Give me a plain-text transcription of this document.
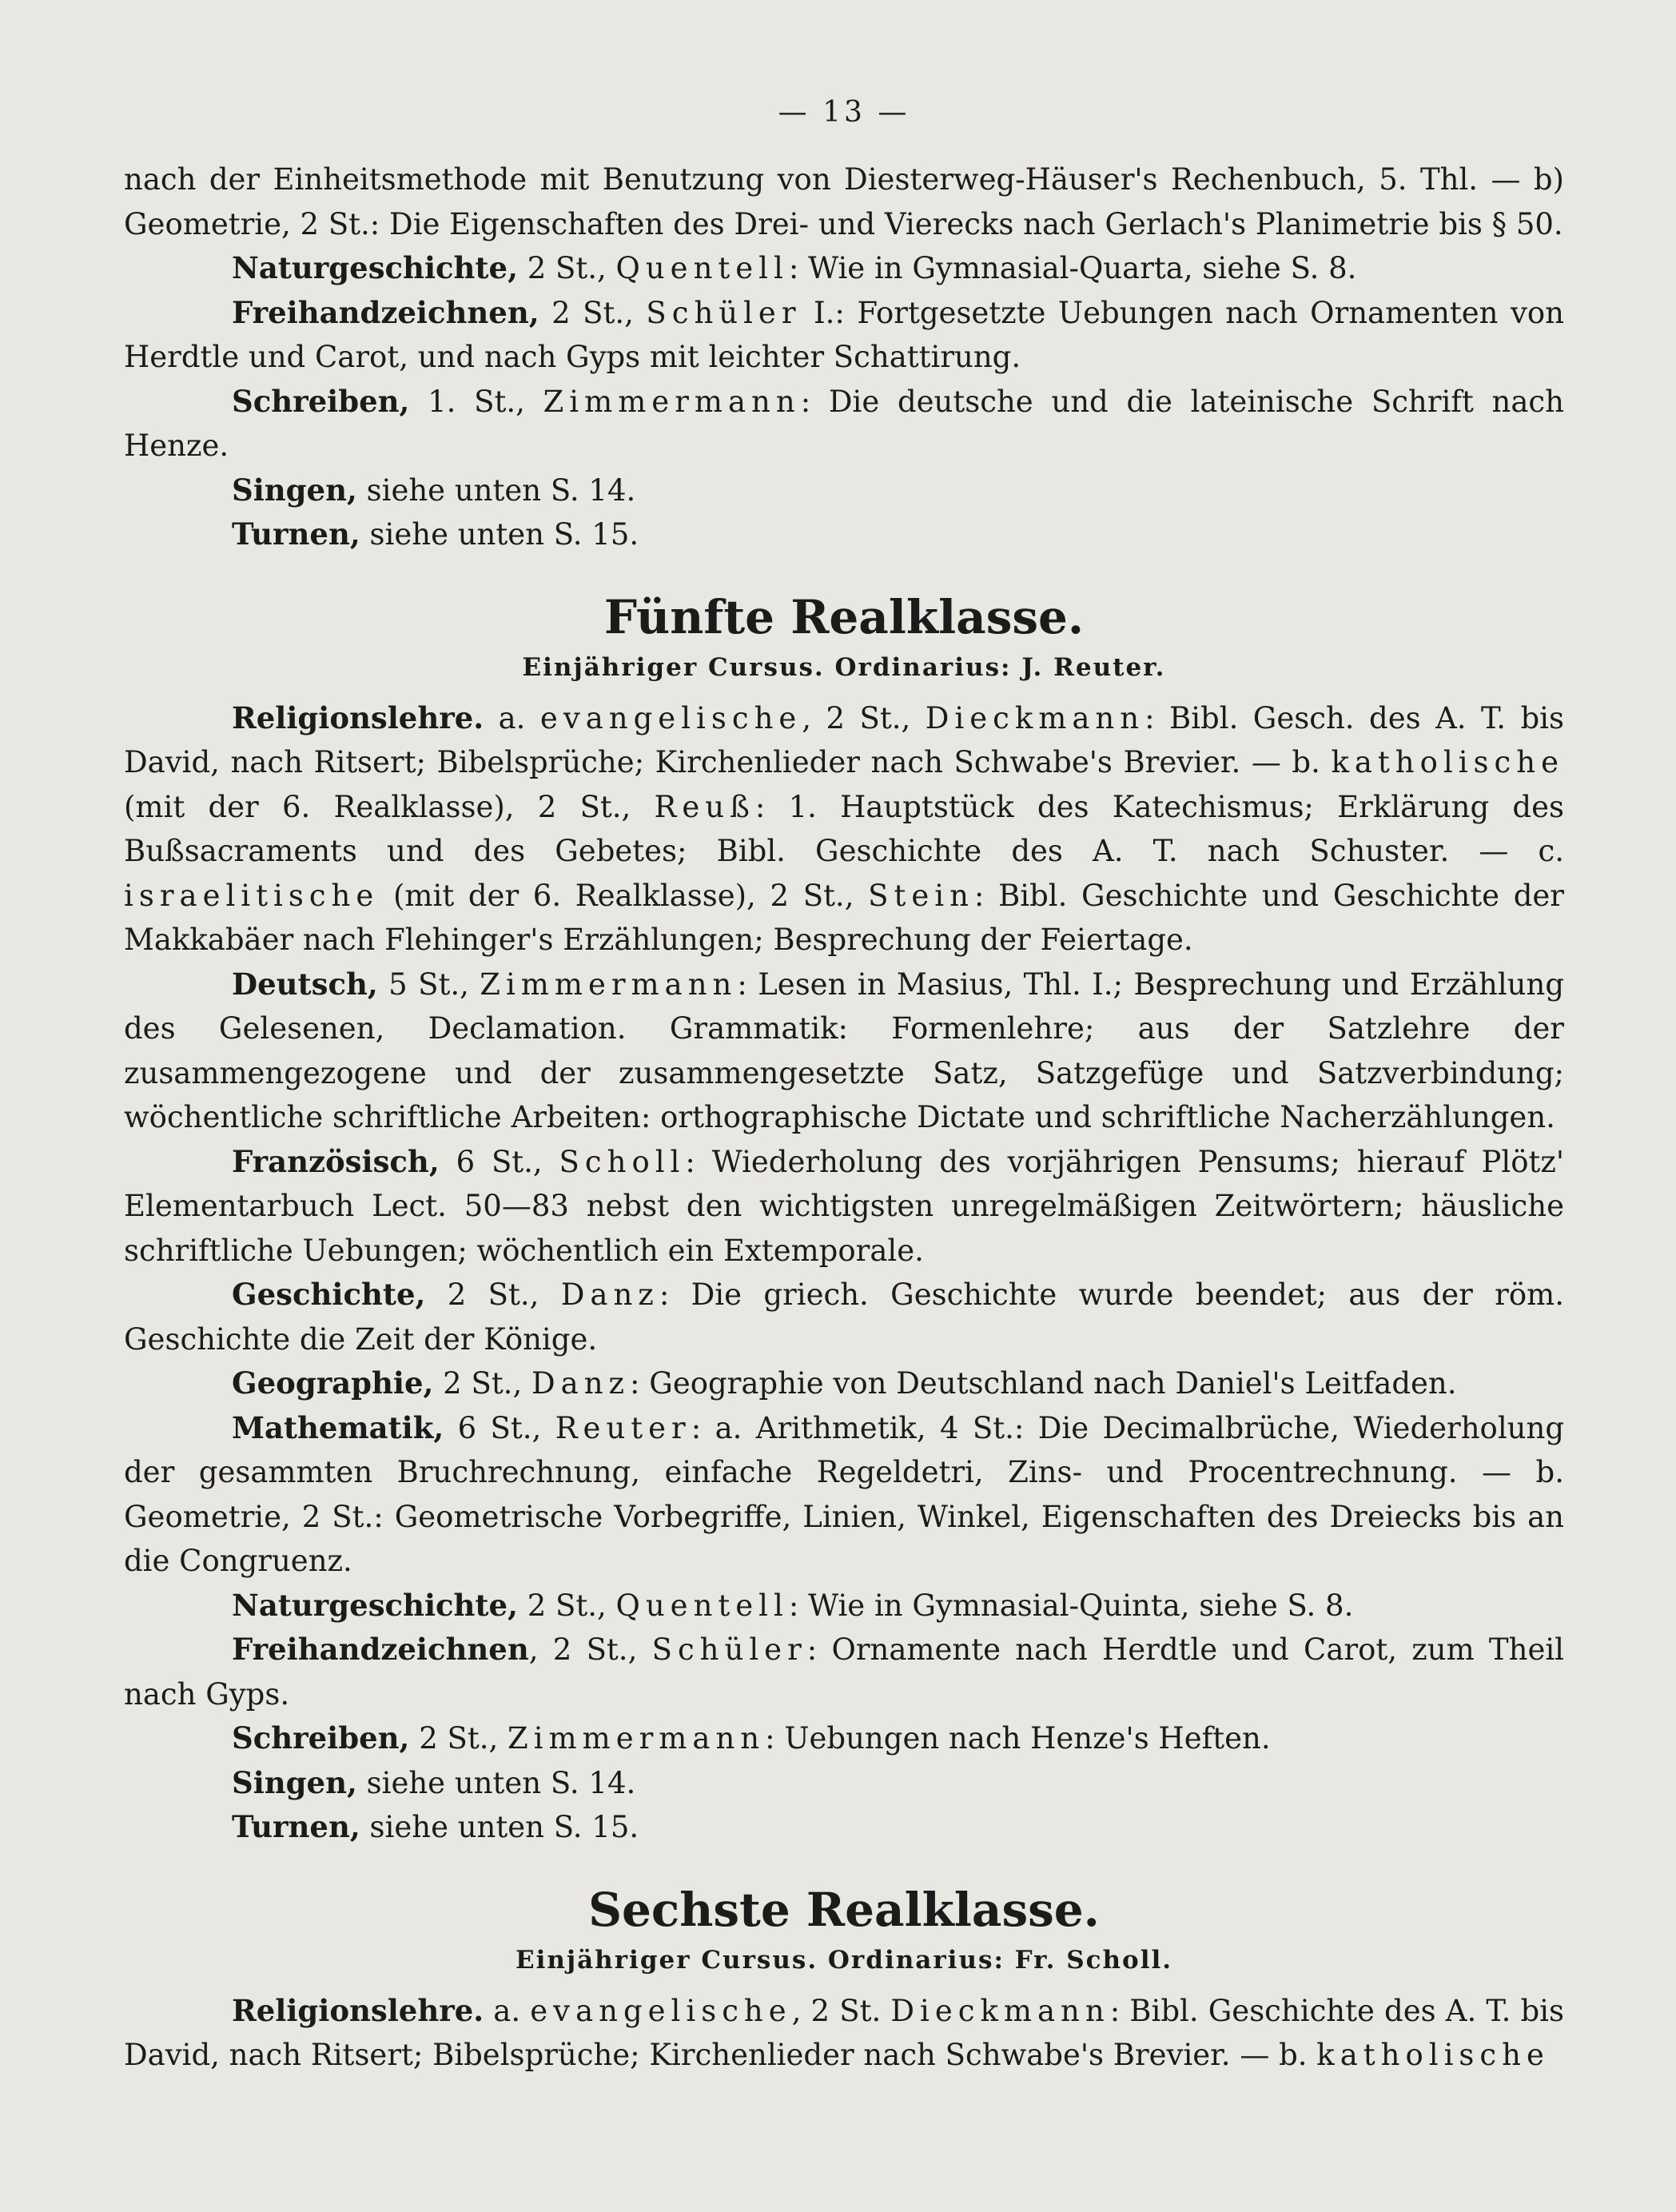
— 13 —

nach der Einheitsmethode mit Benutzung von Diesterweg-Häuser's Rechenbuch, 5. Thl. — b) Geometrie, 2 St.: Die Eigenschaften des Drei- und Vierecks nach Gerlach's Planimetrie bis § 50.

Naturgeschichte, 2 St., Quentell: Wie in Gymnasial-Quarta, siehe S. 8.

Freihandzeichnen, 2 St., Schüler I.: Fortgesetzte Uebungen nach Ornamenten von Herdtle und Carot, und nach Gyps mit leichter Schattirung.

Schreiben, 1. St., Zimmermann: Die deutsche und die lateinische Schrift nach Henze.

Singen, siehe unten S. 14.

Turnen, siehe unten S. 15.

Fünfte Realklasse.
Einjähriger Cursus. Ordinarius: J. Reuter.

Religionslehre. a. evangelische, 2 St., Dieckmann: Bibl. Gesch. des A. T. bis David, nach Ritsert; Bibelsprüche; Kirchenlieder nach Schwabe's Brevier. — b. katholische (mit der 6. Realklasse), 2 St., Reuß: 1. Hauptstück des Katechismus; Erklärung des Bußsacraments und des Gebetes; Bibl. Geschichte des A. T. nach Schuster. — c. israelitische (mit der 6. Realklasse), 2 St., Stein: Bibl. Geschichte und Geschichte der Makkabäer nach Flehinger's Erzählungen; Besprechung der Feiertage.

Deutsch, 5 St., Zimmermann: Lesen in Masius, Thl. I.; Besprechung und Erzählung des Gelesenen, Declamation. Grammatik: Formenlehre; aus der Satzlehre der zusammengezogene und der zusammengesetzte Satz, Satzgefüge und Satzverbindung; wöchentliche schriftliche Arbeiten: orthographische Dictate und schriftliche Nacherzählungen.

Französisch, 6 St., Scholl: Wiederholung des vorjährigen Pensums; hierauf Plötz' Elementarbuch Lect. 50—83 nebst den wichtigsten unregelmäßigen Zeitwörtern; häusliche schriftliche Uebungen; wöchentlich ein Extemporale.

Geschichte, 2 St., Danz: Die griech. Geschichte wurde beendet; aus der röm. Geschichte die Zeit der Könige.

Geographie, 2 St., Danz: Geographie von Deutschland nach Daniel's Leitfaden.

Mathematik, 6 St., Reuter: a. Arithmetik, 4 St.: Die Decimalbrüche, Wiederholung der gesammten Bruchrechnung, einfache Regeldetri, Zins- und Procentrechnung. — b. Geometrie, 2 St.: Geometrische Vorbegriffe, Linien, Winkel, Eigenschaften des Dreiecks bis an die Congruenz.

Naturgeschichte, 2 St., Quentell: Wie in Gymnasial-Quinta, siehe S. 8.

Freihandzeichnen, 2 St., Schüler: Ornamente nach Herdtle und Carot, zum Theil nach Gyps.

Schreiben, 2 St., Zimmermann: Uebungen nach Henze's Heften.

Singen, siehe unten S. 14.

Turnen, siehe unten S. 15.

Sechste Realklasse.
Einjähriger Cursus. Ordinarius: Fr. Scholl.

Religionslehre. a. evangelische, 2 St. Dieckmann: Bibl. Geschichte des A. T. bis David, nach Ritsert; Bibelsprüche; Kirchenlieder nach Schwabe's Brevier. — b. katholische
